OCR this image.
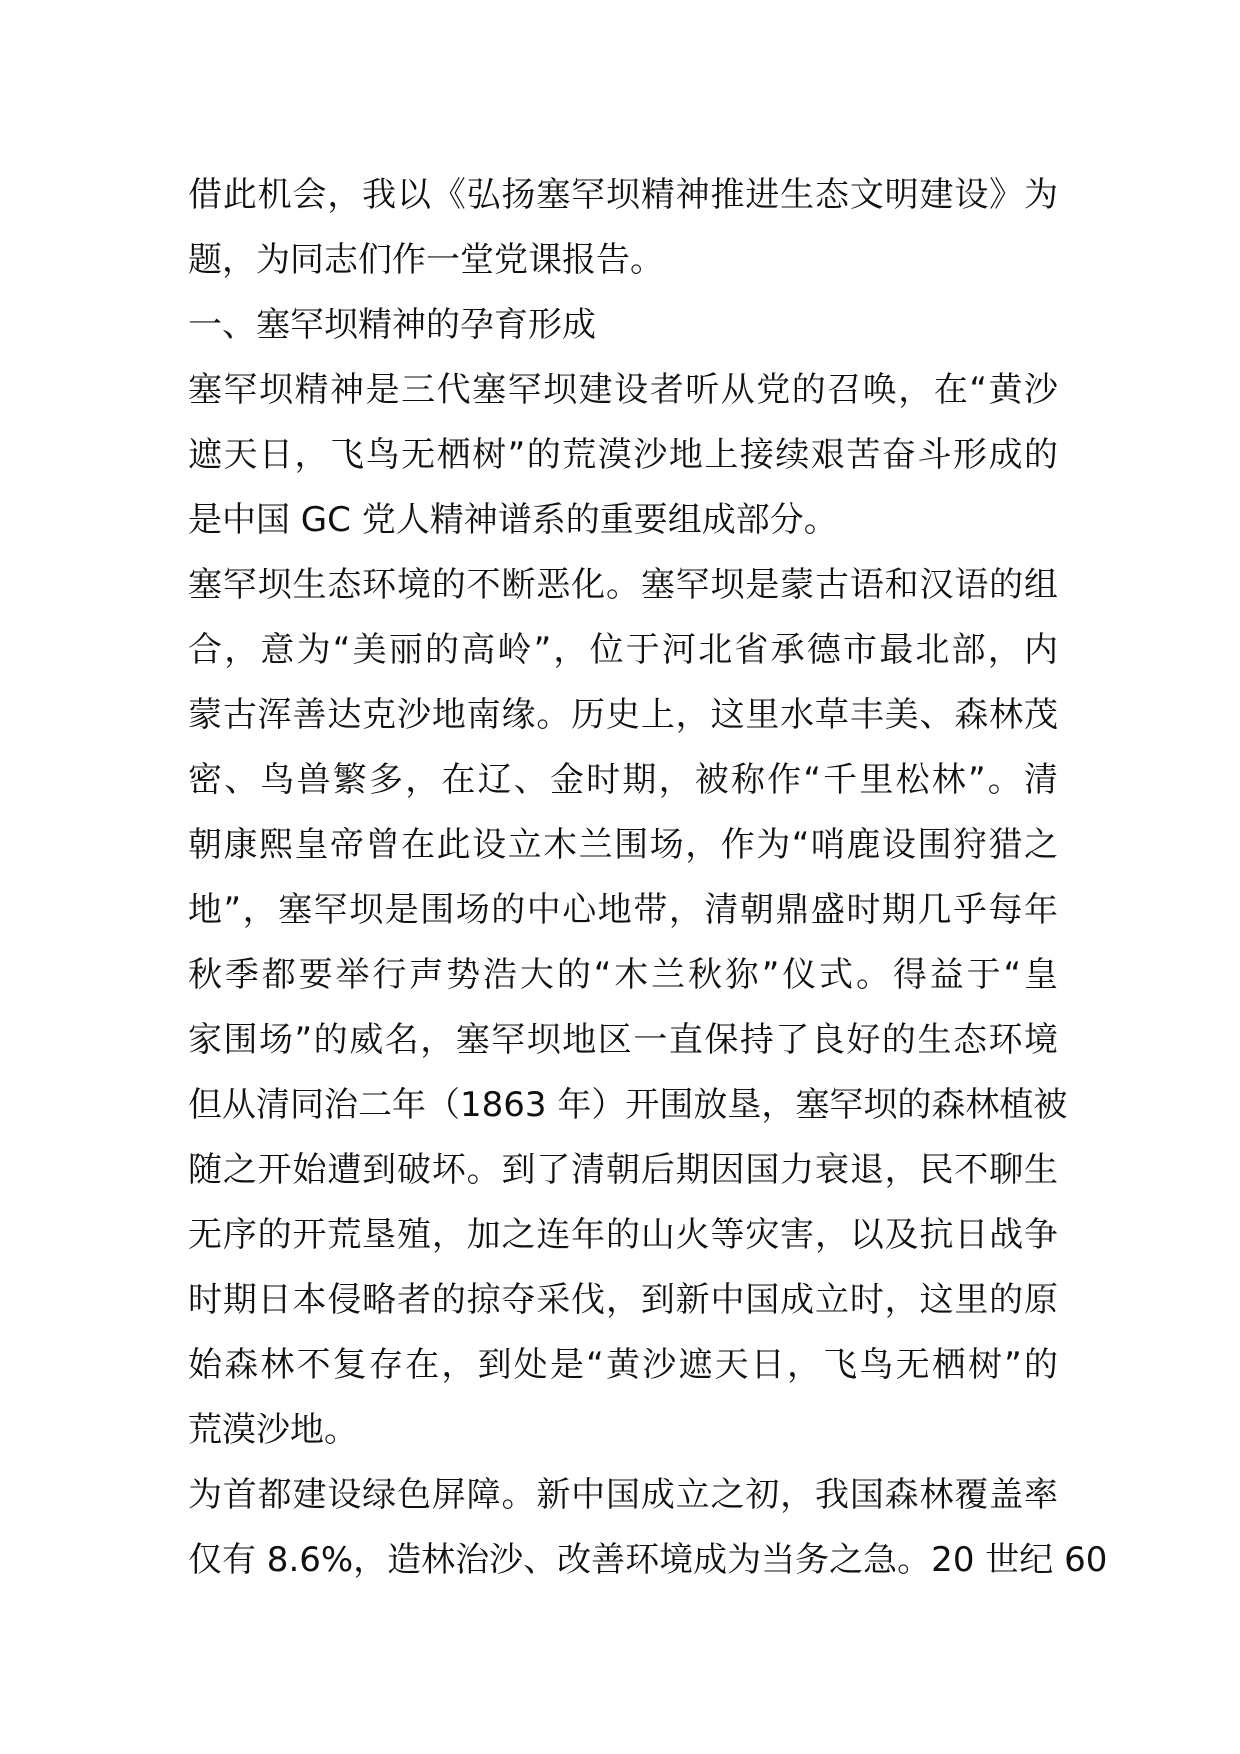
借此机会，我以《弘扬塞罕坝精神推进生态文明建设》为
题，为同志们作一堂党课报告。
一、塞罕坝精神的孕育形成
塞罕坝精神是三代塞罕坝建设者听从党的召唤，在“黄沙
遮天日，飞鸟无栖树”的荒漠沙地上接续艰苦奋斗形成的
是中国 GC 党人精神谱系的重要组成部分。
塞罕坝生态环境的不断恶化。塞罕坝是蒙古语和汉语的组
合，意为“美丽的高岭”，位于河北省承德市最北部，内
蒙古浑善达克沙地南缘。历史上，这里水草丰美、森林茂
密、鸟兽繁多，在辽、金时期，被称作“千里松林”。清
朝康熙皇帝曾在此设立木兰围场，作为“哨鹿设围狩猎之
地”，塞罕坝是围场的中心地带，清朝鼎盛时期几乎每年
秋季都要举行声势浩大的“木兰秋狝”仪式。得益于“皇
家围场”的威名，塞罕坝地区一直保持了良好的生态环境
但从清同治二年（1863 年）开围放垦，塞罕坝的森林植被
随之开始遭到破坏。到了清朝后期因国力衰退，民不聊生
无序的开荒垦殖，加之连年的山火等灾害，以及抗日战争
时期日本侵略者的掠夺采伐，到新中国成立时，这里的原
始森林不复存在，到处是“黄沙遮天日，飞鸟无栖树”的
荒漠沙地。
为首都建设绿色屏障。新中国成立之初，我国森林覆盖率
仅有 8.6%，造林治沙、改善环境成为当务之急。20 世纪 60
